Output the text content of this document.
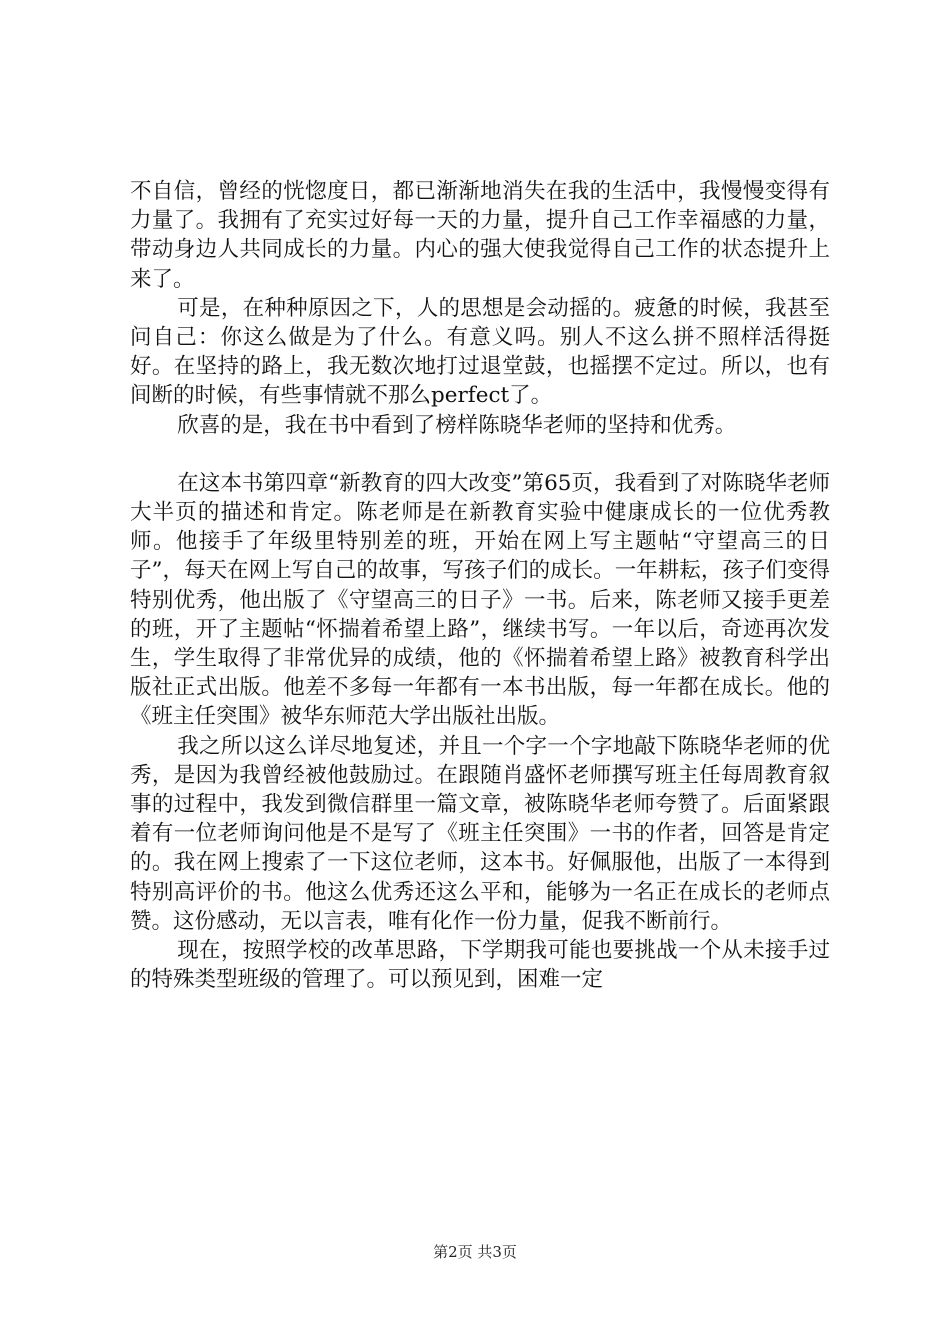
不自信，曾经的恍惚度日，都已渐渐地消失在我的生活中，我慢慢变得有力量了。我拥有了充实过好每一天的力量，提升自己工作幸福感的力量，带动身边人共同成长的力量。内心的强大使我觉得自己工作的状态提升上来了。

可是，在种种原因之下，人的思想是会动摇的。疲惫的时候，我甚至问自己：你这么做是为了什么。有意义吗。别人不这么拼不照样活得挺好。在坚持的路上，我无数次地打过退堂鼓，也摇摆不定过。所以，也有间断的时候，有些事情就不那么perfect了。

欣喜的是，我在书中看到了榜样陈晓华老师的坚持和优秀。

在这本书第四章“新教育的四大改变”第65页，我看到了对陈晓华老师大半页的描述和肯定。陈老师是在新教育实验中健康成长的一位优秀教师。他接手了年级里特别差的班，开始在网上写主题帖“守望高三的日子”，每天在网上写自己的故事，写孩子们的成长。一年耕耘，孩子们变得特别优秀，他出版了《守望高三的日子》一书。后来，陈老师又接手更差的班，开了主题帖“怀揣着希望上路”，继续书写。一年以后，奇迹再次发生，学生取得了非常优异的成绩，他的《怀揣着希望上路》被教育科学出版社正式出版。他差不多每一年都有一本书出版，每一年都在成长。他的《班主任突围》被华东师范大学出版社出版。

我之所以这么详尽地复述，并且一个字一个字地敲下陈晓华老师的优秀，是因为我曾经被他鼓励过。在跟随肖盛怀老师撰写班主任每周教育叙事的过程中，我发到微信群里一篇文章，被陈晓华老师夸赞了。后面紧跟着有一位老师询问他是不是写了《班主任突围》一书的作者，回答是肯定的。我在网上搜索了一下这位老师，这本书。好佩服他，出版了一本得到特别高评价的书。他这么优秀还这么平和，能够为一名正在成长的老师点赞。这份感动，无以言表，唯有化作一份力量，促我不断前行。

现在，按照学校的改革思路，下学期我可能也要挑战一个从未接手过的特殊类型班级的管理了。可以预见到，困难一定

第2页 共3页
